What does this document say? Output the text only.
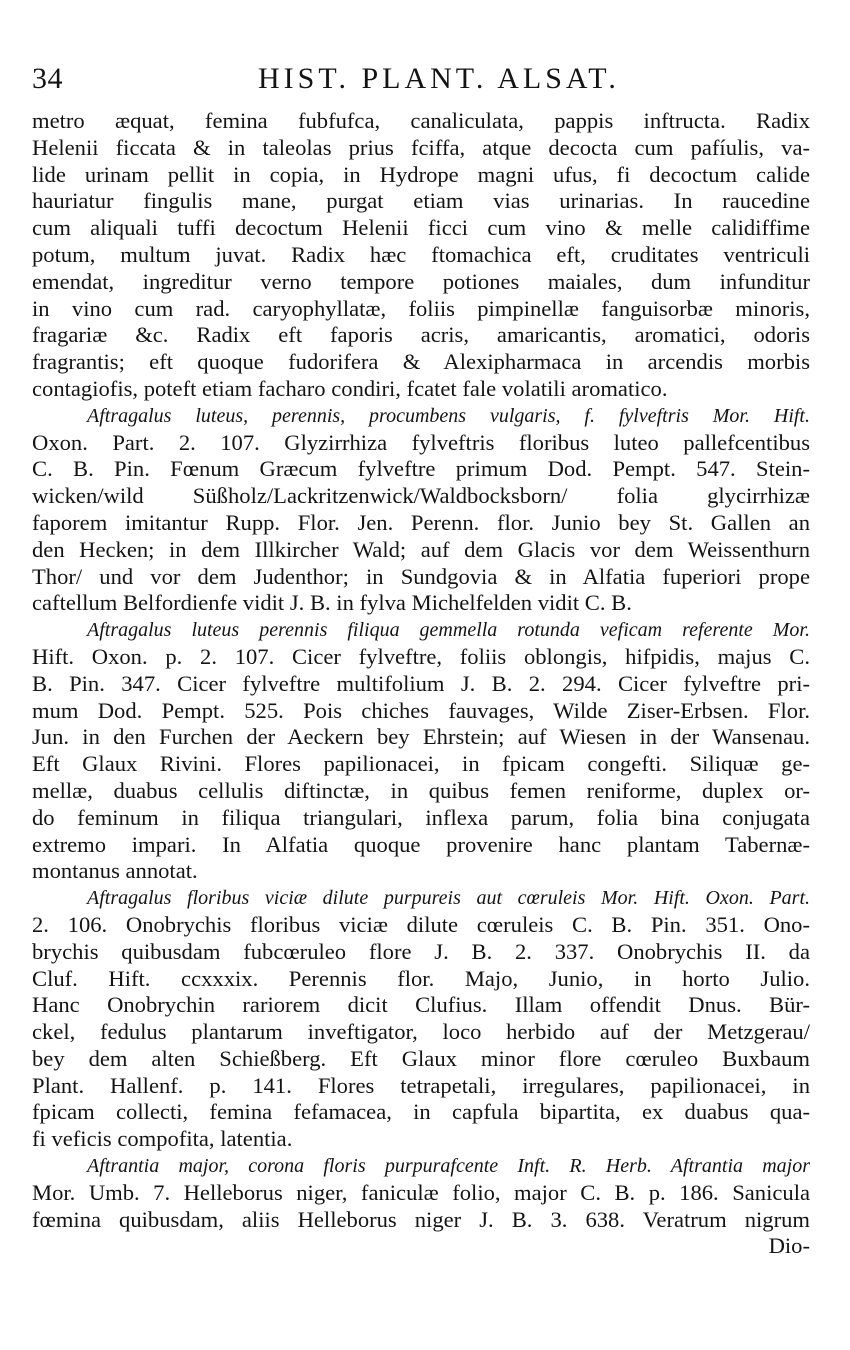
34	HIST. PLANT. ALSAT.
metro æquat, femina fubfufca, canaliculata, pappis inftructa. Radix
Helenii ficcata & in taleolas prius fciffa, atque decocta cum pafíulis, va-
lide urinam pellit in copia, in Hydrope magni ufus, fi decoctum calide
hauriatur fingulis mane, purgat etiam vias urinarias. In raucedine
cum aliquali tuffi decoctum Helenii ficci cum vino & melle calidiffime
potum, multum juvat. Radix hæc ftomachica eft, cruditates ventriculi
emendat, ingreditur verno tempore potiones maiales, dum infunditur
in vino cum rad. caryophyllatæ, foliis pimpinellæ fanguisorbæ minoris,
fragariæ &c. Radix eft faporis acris, amaricantis, aromatici, odoris
fragrantis; eft quoque fudorifera & Alexipharmaca in arcendis morbis
contagiofis, poteft etiam facharo condiri, fcatet fale volatili aromatico.
Aftragalus luteus, perennis, procumbens vulgaris, f. fylveftris Mor. Hift.
Oxon. Part. 2. 107. Glyzirrhiza fylveftris floribus luteo pallefcentibus
C. B. Pin. Fœnum Græcum fylveftre primum Dod. Pempt. 547. Stein-
wicken/wild Süßholz/Lackritzenwick/Waldbocksborn/ folia glycirrhizæ
faporem imitantur Rupp. Flor. Jen. Perenn. flor. Junio bey St. Gallen an
den Hecken; in dem Illkircher Wald; auf dem Glacis vor dem Weissenthurn
Thor/ und vor dem Judenthor; in Sundgovia & in Alfatia fuperiori prope
caftellum Belfordienfe vidit J. B. in fylva Michelfelden vidit C. B.
Aftragalus luteus perennis filiqua gemmella rotunda veficam referente Mor.
Hift. Oxon. p. 2. 107. Cicer fylveftre, foliis oblongis, hifpidis, majus C.
B. Pin. 347. Cicer fylveftre multifolium J. B. 2. 294. Cicer fylveftre pri-
mum Dod. Pempt. 525. Pois chiches fauvages, Wilde Ziser-Erbsen. Flor.
Jun. in den Furchen der Aeckern bey Ehrstein; auf Wiesen in der Wansenau.
Eft Glaux Rivini. Flores papilionacei, in fpicam congefti. Siliquæ ge-
mellæ, duabus cellulis diftinctæ, in quibus femen reniforme, duplex or-
do feminum in filiqua triangulari, inflexa parum, folia bina conjugata
extremo impari. In Alfatia quoque provenire hanc plantam Tabernæ-
montanus annotat.
Aftragalus floribus viciæ dilute purpureis aut cœruleis Mor. Hift. Oxon. Part.
2. 106. Onobrychis floribus viciæ dilute cœruleis C. B. Pin. 351. Ono-
brychis quibusdam fubcœruleo flore J. B. 2. 337. Onobrychis II. da
Cluf. Hift. ccxxxix. Perennis flor. Majo, Junio, in horto Julio.
Hanc Onobrychin rariorem dicit Clufius. Illam offendit Dnus. Bür-
ckel, fedulus plantarum inveftigator, loco herbido auf der Metzgerau/
bey dem alten Schießberg. Eft Glaux minor flore cœruleo Buxbaum
Plant. Hallenf. p. 141. Flores tetrapetali, irregulares, papilionacei, in
fpicam collecti, femina fefamacea, in capfula bipartita, ex duabus qua-
fi veficis compofita, latentia.
Aftrantia major, corona floris purpurafcente Inft. R. Herb. Aftrantia major
Mor. Umb. 7. Helleborus niger, faniculæ folio, major C. B. p. 186. Sanicula
fœmina quibusdam, aliis Helleborus niger J. B. 3. 638. Veratrum nigrum
Dio-
